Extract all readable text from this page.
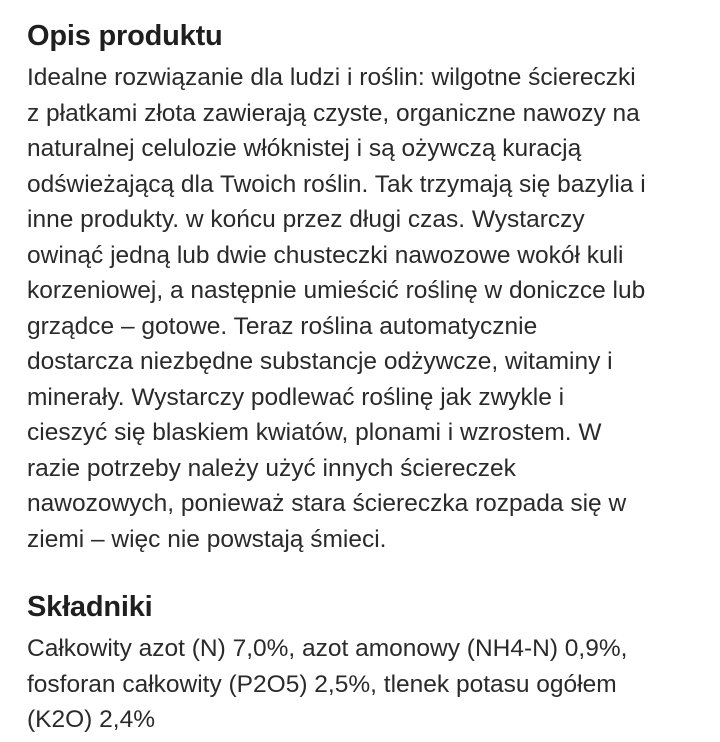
Opis produktu

Idealne rozwiązanie dla ludzi i roślin: wilgotne ściereczki
z płatkami złota zawierają czyste, organiczne nawozy na
naturalnej celulozie włóknistej i są ożywczą kuracją
odświeżającą dla Twoich roślin. Tak trzymają się bazylia i
inne produkty. w końcu przez długi czas. Wystarczy
owinąć jedną lub dwie chusteczki nawozowe wokół kuli
korzeniowej, a następnie umieścić roślinę w doniczce lub
grządce – gotowe. Teraz roślina automatycznie
dostarcza niezbędne substancje odżywcze, witaminy i
minerały. Wystarczy podlewać roślinę jak zwykle i
cieszyć się blaskiem kwiatów, plonami i wzrostem. W
razie potrzeby należy użyć innych ściereczek
nawozowych, ponieważ stara ściereczka rozpada się w
ziemi – więc nie powstają śmieci.

Składniki

Całkowity azot (N) 7,0%, azot amonowy (NH4-N) 0,9%,
fosforan całkowity (P2O5) 2,5%, tlenek potasu ogółem
(K2O) 2,4%
